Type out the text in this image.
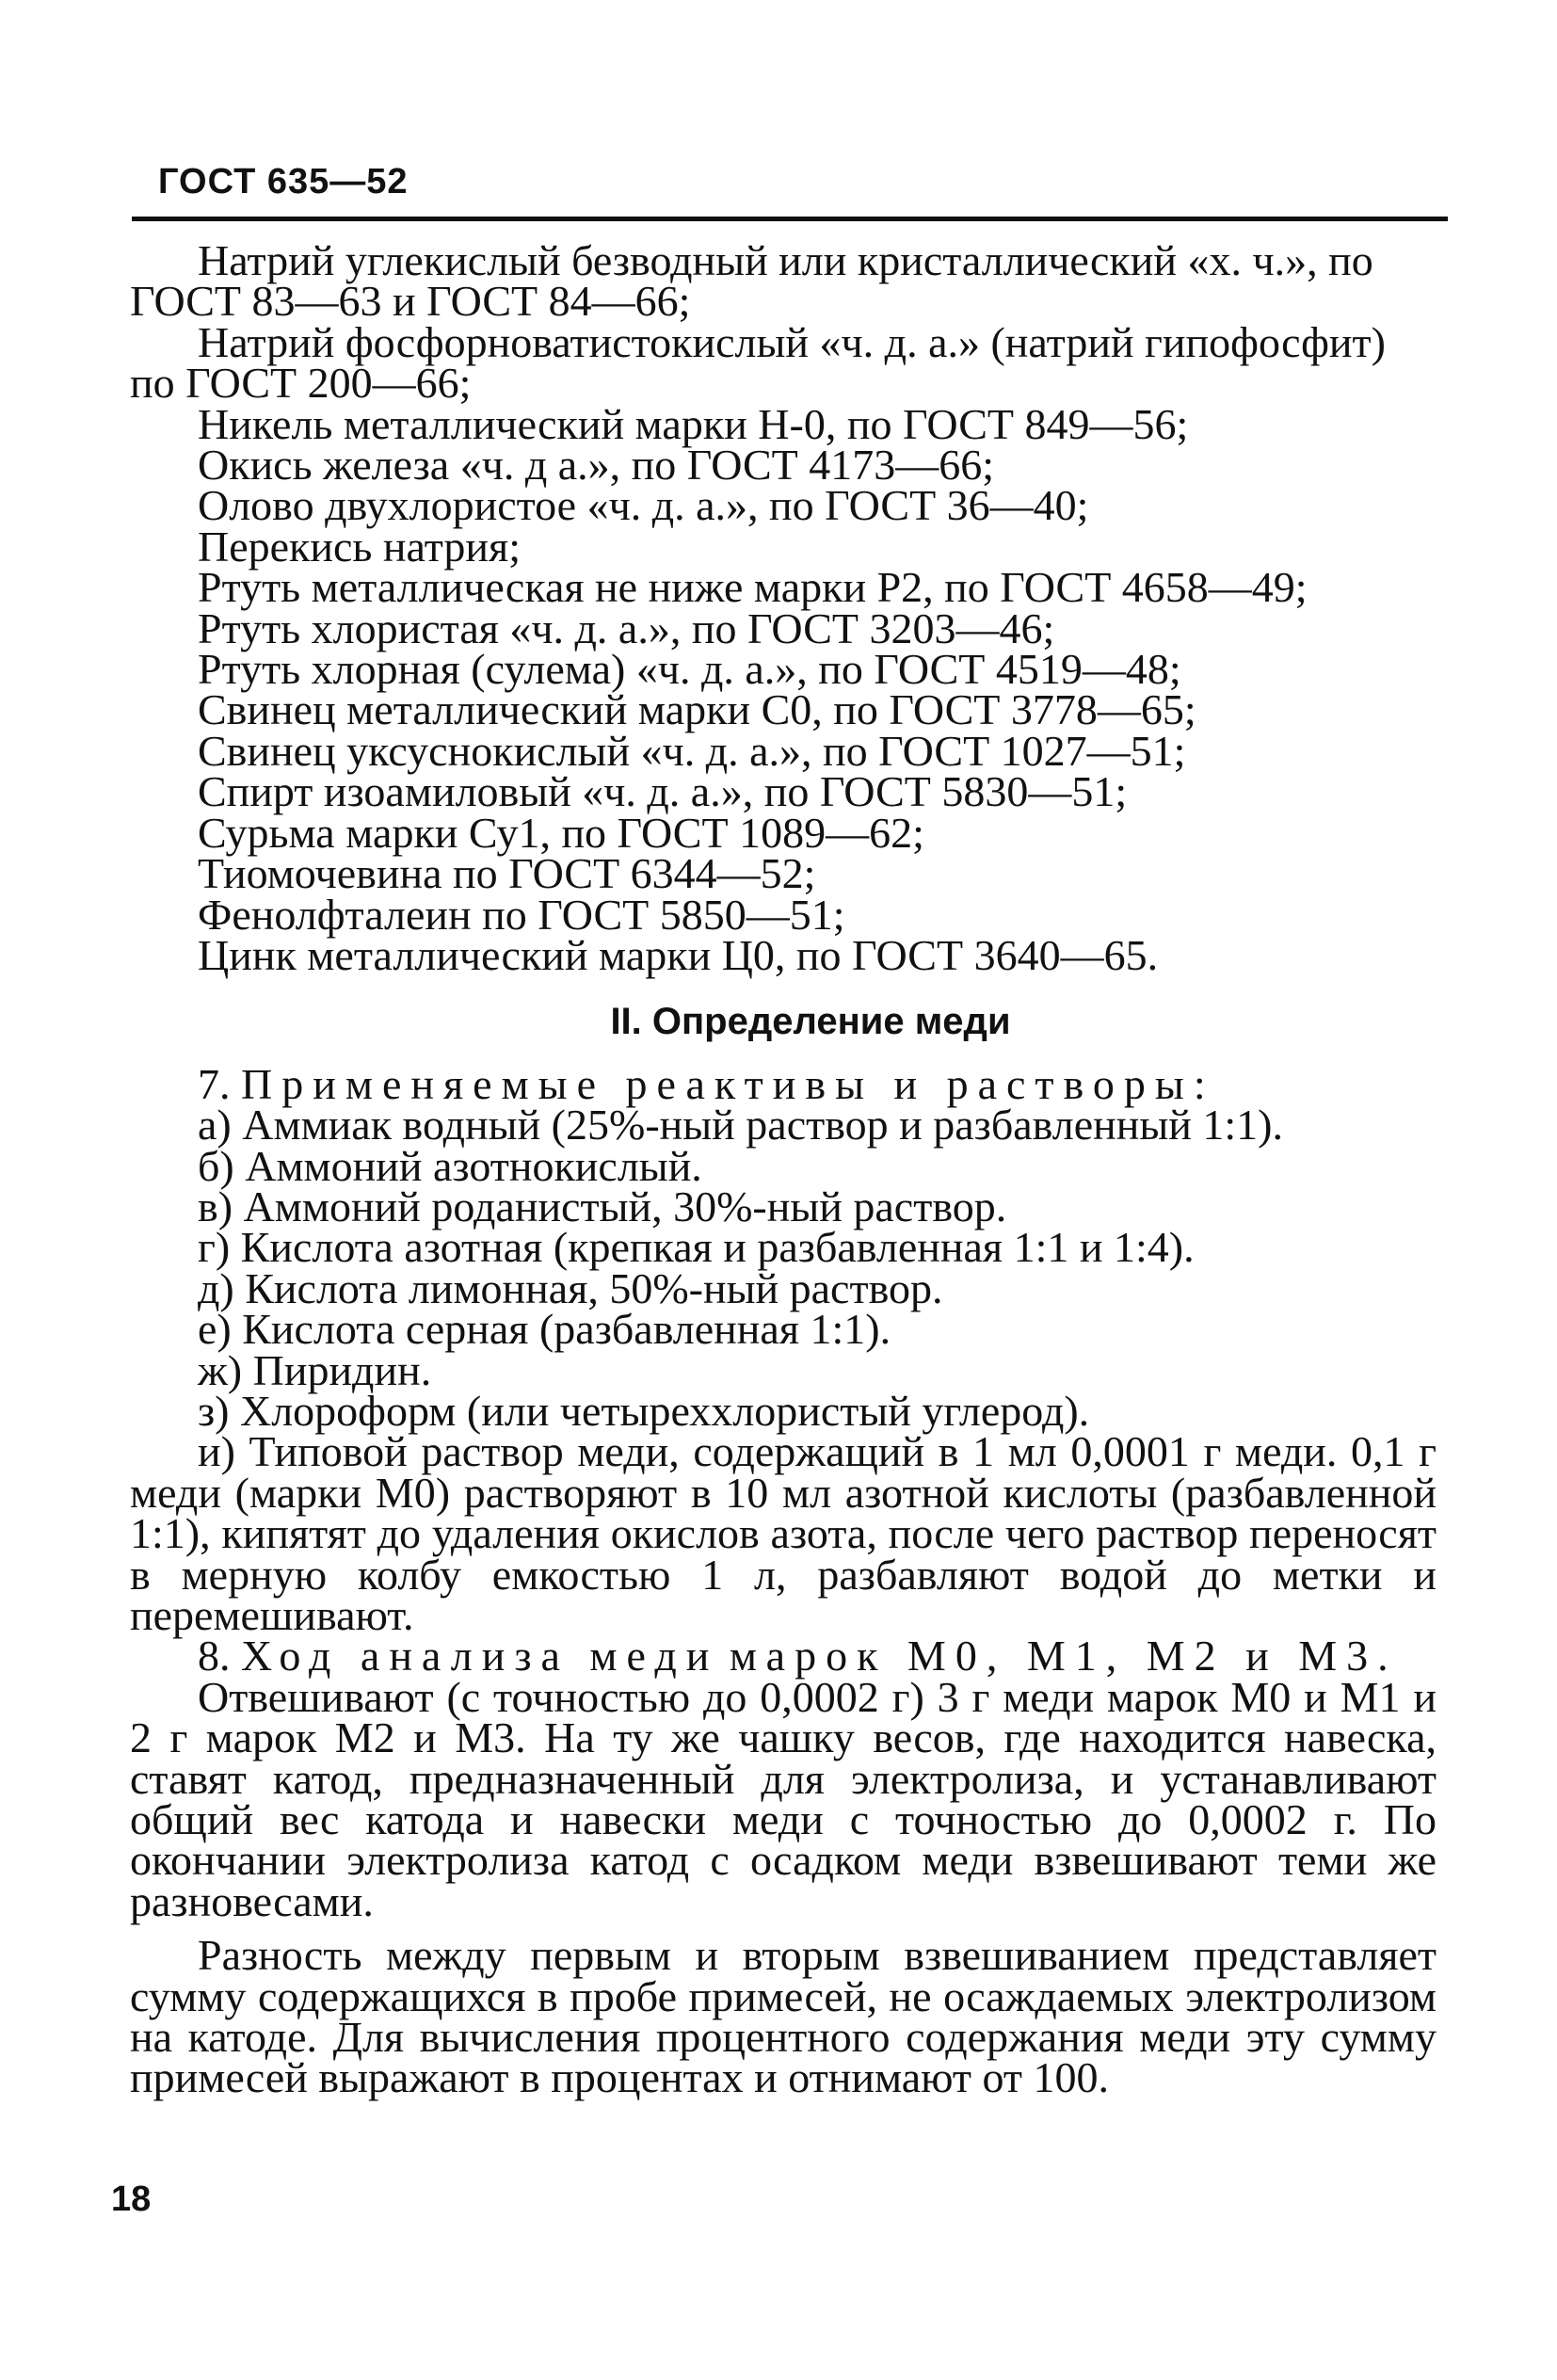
ГОСТ 635—52

Натрий углекислый безводный или кристаллический «х. ч.», по

ГОСТ 83—63 и ГОСТ 84—66;

Натрий фосфорноватистокислый «ч. д. а.» (натрий гипофосфит)

по ГОСТ 200—66;

Никель металлический марки Н-0, по ГОСТ 849—56;

Окись железа «ч. д а.», по ГОСТ 4173—66;

Олово двухлористое «ч. д. а.», по ГОСТ 36—40;

Перекись натрия;

Ртуть металлическая не ниже марки Р2, по ГОСТ 4658—49;

Ртуть хлористая «ч. д. а.», по ГОСТ 3203—46;

Ртуть хлорная (сулема) «ч. д. а.», по ГОСТ 4519—48;

Свинец металлический марки С0, по ГОСТ 3778—65;

Свинец уксуснокислый «ч. д. а.», по ГОСТ 1027—51;

Спирт изоамиловый «ч. д. а.», по ГОСТ 5830—51;

Сурьма марки Су1, по ГОСТ 1089—62;

Тиомочевина по ГОСТ 6344—52;

Фенолфталеин по ГОСТ 5850—51;

Цинк металлический марки Ц0, по ГОСТ 3640—65.

II. Определение меди

7. Применяемые реактивы и растворы:

а) Аммиак водный (25%-ный раствор и разбавленный 1:1).

б) Аммоний азотнокислый.

в) Аммоний роданистый, 30%-ный раствор.

г) Кислота азотная (крепкая и разбавленная 1:1 и 1:4).

д) Кислота лимонная, 50%-ный раствор.

е) Кислота серная (разбавленная 1:1).

ж) Пиридин.

з) Хлороформ (или четыреххлористый углерод).

и) Типовой раствор меди, содержащий в 1 мл 0,0001 г меди. 0,1 г меди (марки М0) растворяют в 10 мл азотной кислоты (разбавленной 1:1), кипятят до удаления окислов азота, после чего раствор переносят в мерную колбу емкостью 1 л, разбавляют водой до метки и перемешивают.

8. Ход анализа меди марок М0, М1, М2 и М3.

Отвешивают (с точностью до 0,0002 г) 3 г меди марок М0 и М1 и 2 г марок М2 и М3. На ту же чашку весов, где находится навеска, ставят катод, предназначенный для электролиза, и устанавливают общий вес катода и навески меди с точностью до 0,0002 г. По окончании электролиза катод с осадком меди взвешивают теми же разновесами.

Разность между первым и вторым взвешиванием представляет сумму содержащихся в пробе примесей, не осаждаемых электролизом на катоде. Для вычисления процентного содержания меди эту сумму примесей выражают в процентах и отнимают от 100.

18
